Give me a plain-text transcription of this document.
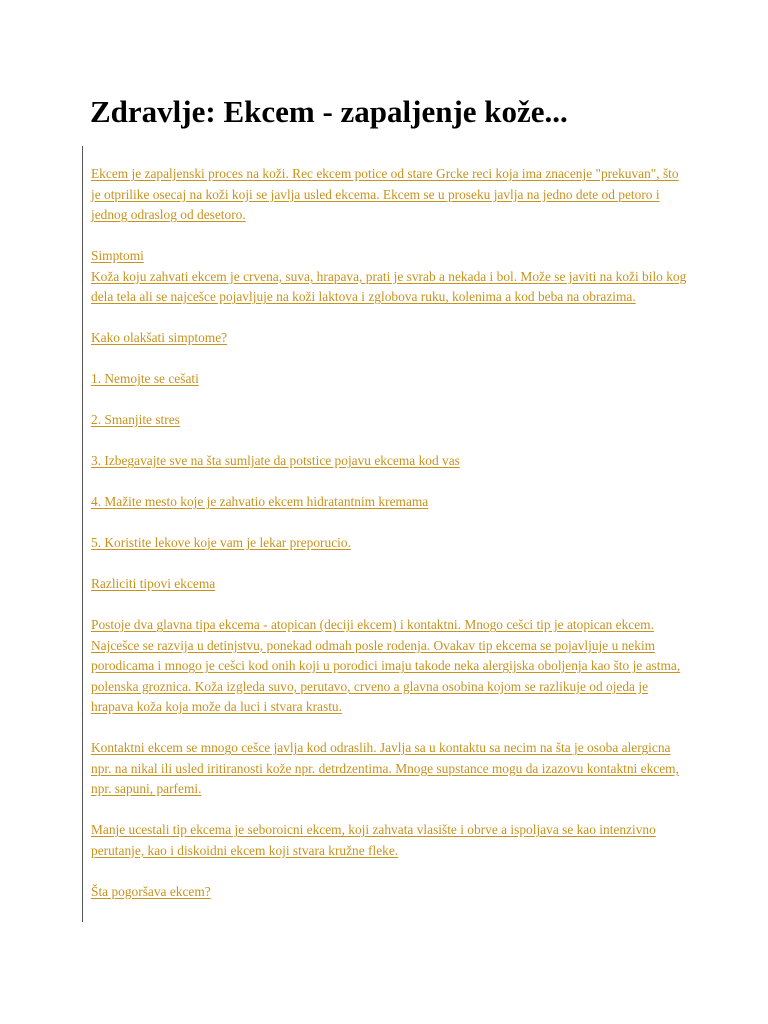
Zdravlje: Ekcem - zapaljenje kože...

Ekcem je zapaljenski proces na koži. Rec ekcem potice od stare Grcke reci koja ima znacenje "prekuvan", što je otprilike osecaj na koži koji se javlja usled ekcema. Ekcem se u proseku javlja na jedno dete od petoro i jednog odraslog od desetoro.

Simptomi

Koža koju zahvati ekcem je crvena, suva, hrapava, prati je svrab a nekada i bol. Može se javiti na koži bilo kog dela tela ali se najcešce pojavljuje na koži laktova i zglobova ruku, kolenima a kod beba na obrazima.

Kako olakšati simptome?

1. Nemojte se cešati

2. Smanjite stres

3. Izbegavajte sve na šta sumljate da potstice pojavu ekcema kod vas

4. Mažite mesto koje je zahvatio ekcem hidratantnim kremama

5. Koristite lekove koje vam je lekar preporucio.

Razliciti tipovi ekcema

Postoje dva glavna tipa ekcema - atopican (deciji ekcem) i kontaktni. Mnogo cešci tip je atopican ekcem. Najcešce se razvija u detinjstvu, ponekad odmah posle rodenja. Ovakav tip ekcema se pojavljuje u nekim porodicama i mnogo je cešci kod onih koji u porodici imaju takode neka alergijska oboljenja kao što je astma, polenska groznica. Koža izgleda suvo, perutavo, crveno a glavna osobina kojom se razlikuje od ojeda je hrapava koža koja može da luci i stvara krastu.

Kontaktni ekcem se mnogo cešce javlja kod odraslih. Javlja sa u kontaktu sa necim na šta je osoba alergicna npr. na nikal ili usled iritiranosti kože npr. detrdzentima. Mnoge supstance mogu da izazovu kontaktni ekcem, npr. sapuni, parfemi.

Manje ucestali tip ekcema je seboroicni ekcem, koji zahvata vlasište i obrve a ispoljava se kao intenzivno perutanje, kao i diskoidni ekcem koji stvara kružne fleke.

Šta pogoršava ekcem?
